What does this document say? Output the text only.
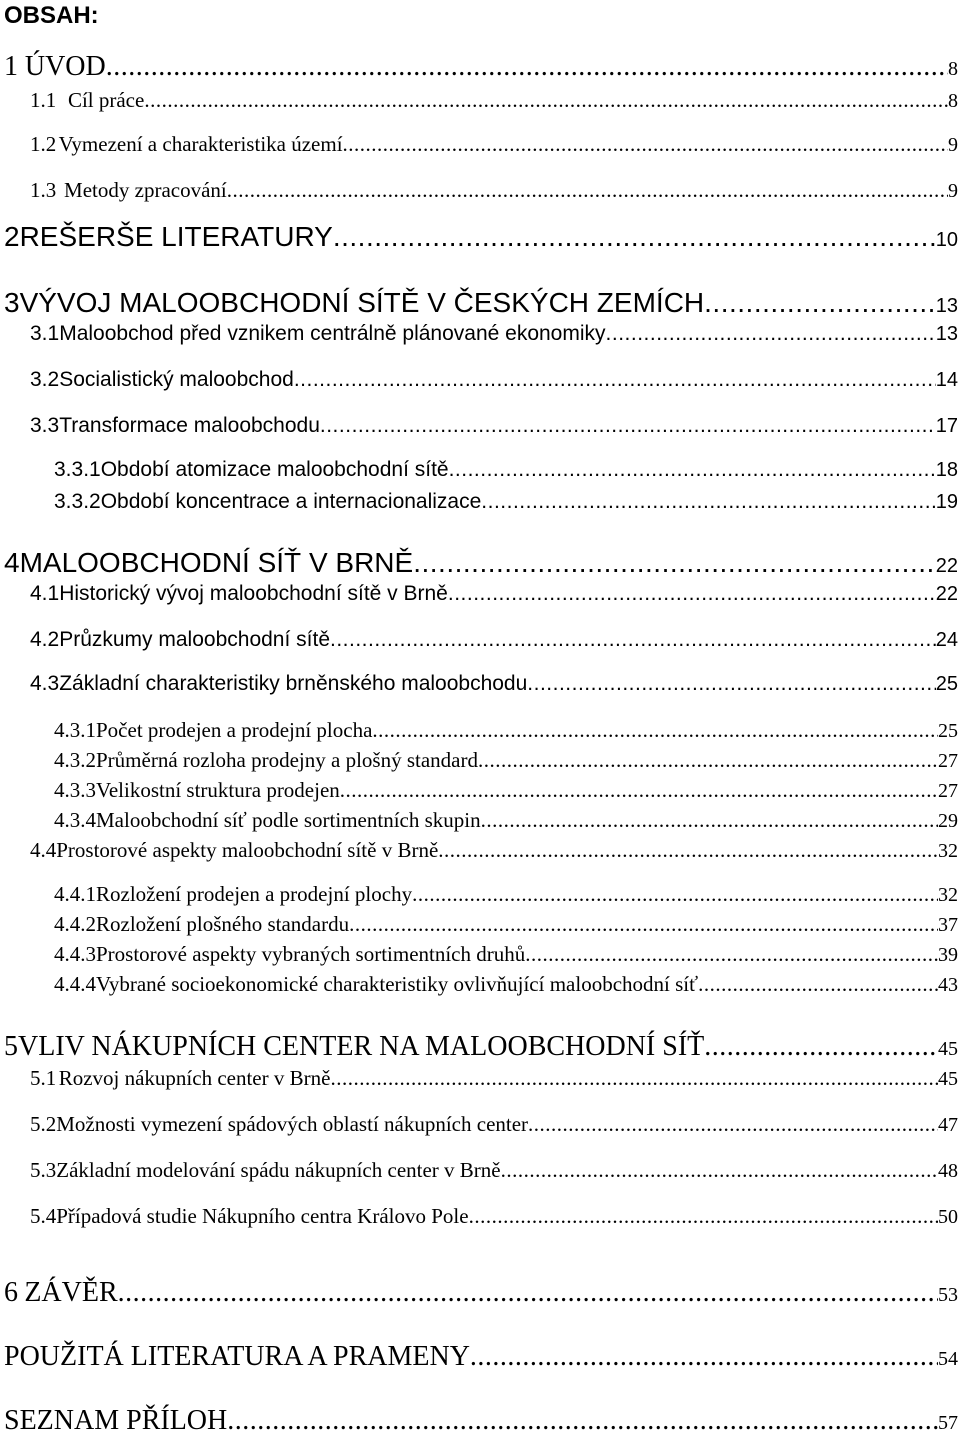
OBSAH:
1 ÚVOD .....	8
1.1 Cíl práce .....	8
1.2 Vymezení a charakteristika území .....	9
1.3 Metody zpracování .....	9
2 REŠERŠE LITERATURY .....	10
3 VÝVOJ MALOOBCHODNÍ SÍTĚ V ČESKÝCH ZEMÍCH .....	13
3.1 Maloobchod před vznikem centrálně plánované ekonomiky .....	13
3.2 Socialistický maloobchod .....	14
3.3 Transformace maloobchodu .....	17
3.3.1 Období atomizace maloobchodní sítě .....	18
3.3.2 Období koncentrace a internacionalizace .....	19
4 MALOOBCHODNÍ SÍŤ V BRNĚ .....	22
4.1 Historický vývoj maloobchodní sítě v Brně .....	22
4.2 Průzkumy maloobchodní sítě .....	24
4.3 Základní charakteristiky brněnského maloobchodu .....	25
4.3.1 Počet prodejen a prodejní plocha .....	25
4.3.2 Průměrná rozloha prodejny a plošný standard .....	27
4.3.3 Velikostní struktura prodejen .....	27
4.3.4 Maloobchodní síť podle sortimentních skupin .....	29
4.4 Prostorové aspekty maloobchodní sítě v Brně .....	32
4.4.1 Rozložení prodejen a prodejní plochy .....	32
4.4.2 Rozložení plošného standardu .....	37
4.4.3 Prostorové aspekty vybraných sortimentních druhů .....	39
4.4.4 Vybrané socioekonomické charakteristiky ovlivňující maloobchodní síť .....	43
5 VLIV NÁKUPNÍCH CENTER NA MALOOBCHODNÍ SÍŤ .....	45
5.1 Rozvoj nákupních center v Brně .....	45
5.2 Možnosti vymezení spádových oblastí nákupních center .....	47
5.3 Základní modelování spádu nákupních center v Brně .....	48
5.4 Případová studie Nákupního centra Královo Pole .....	50
6 ZÁVĚR .....	53
POUŽITÁ LITERATURA A PRAMENY .....	54
SEZNAM PŘÍLOH .....	57
